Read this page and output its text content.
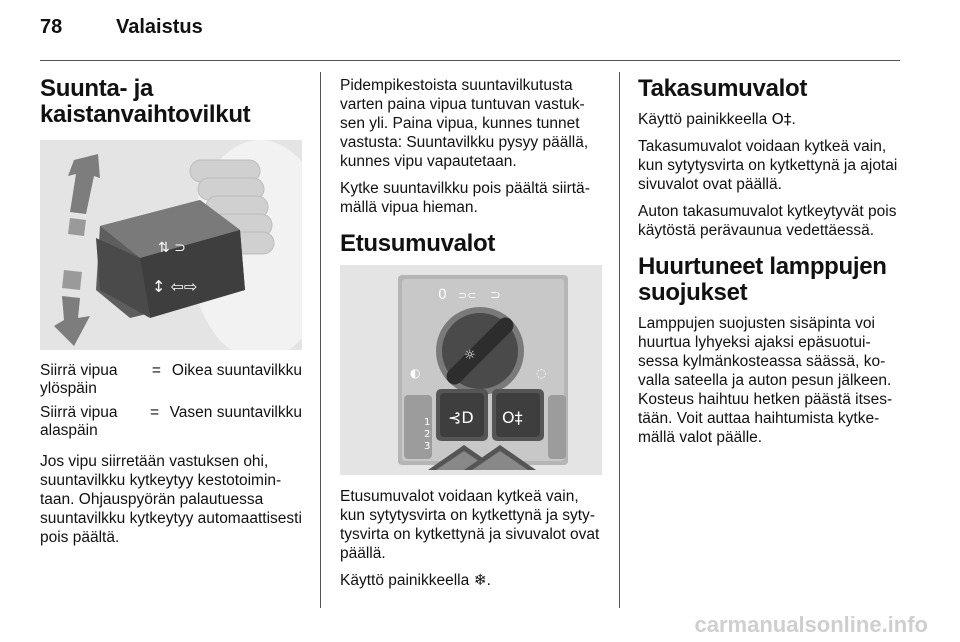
78	Valaistus
Suunta- ja kaistanvaihtovilkut
⇅ ⊃
↕ ⇦⇨
Siirrä vipua ylöspäin
= Oikea suuntavilkku
Siirrä vipua alaspäin
= Vasen suuntavilkku

Jos vipu siirretään vastuksen ohi, suuntavilkku kytkeytyy kestotoimintaan. Ohjauspyörän palautuessa suuntavilkku kytkeytyy automaattisesti pois päältä.

Pidempikestoista suuntavilkutusta varten paina vipua tuntuvan vastuksen yli. Paina vipua, kunnes tunnet vastusta: Suuntavilkku pysyy päällä, kunnes vipu vapautetaan.

Kytke suuntavilkku pois päältä siirtämällä vipua hieman.

Etusumuvalot
0 ⊃⊂ ⊃
☼
◐	◌
1
2
3
⊰D O‡

Etusumuvalot voidaan kytkeä vain, kun sytytysvirta on kytkettynä ja sytytysvirta on kytkettynä ja sivuvalot ovat päällä.

Käyttö painikkeella ❄.

Takasumuvalot

Käyttö painikkeella O‡.

Takasumuvalot voidaan kytkeä vain, kun sytytysvirta on kytkettynä ja ajotai sivuvalot ovat päällä.

Auton takasumuvalot kytkeytyvät pois käytöstä perävaunua vedettäessä.

Huurtuneet lamppujen suojukset

Lamppujen suojusten sisäpinta voi huurtua lyhyeksi ajaksi epäsuotuisessa kylmänkosteassa säässä, kovalla sateella ja auton pesun jälkeen. Kosteus haihtuu hetken päästä itsestään. Voit auttaa haihtumista kytkemällä valot päälle.

carmanualsonline.info
